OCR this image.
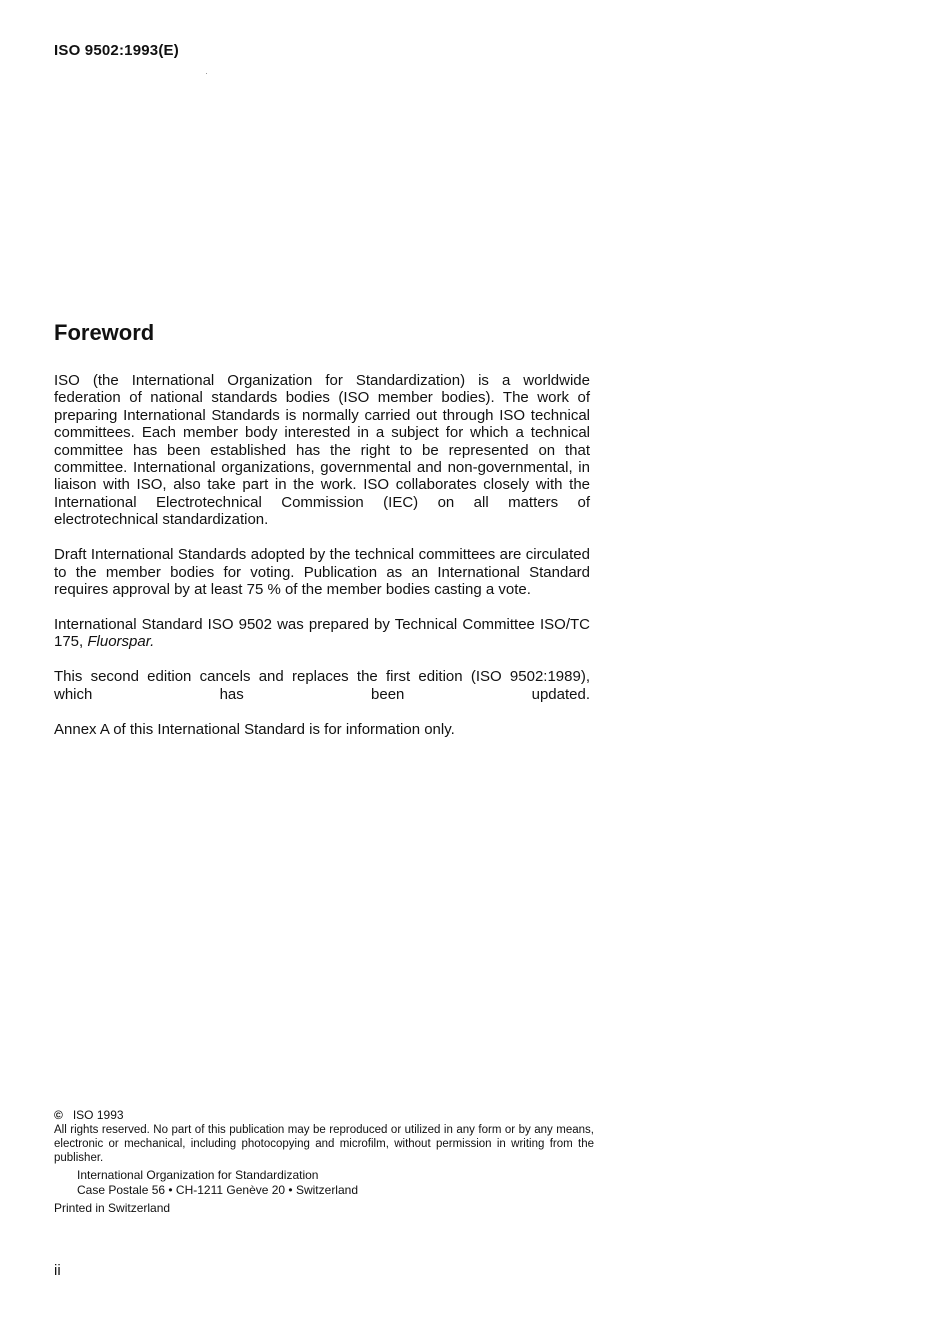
ISO 9502:1993(E)
Foreword

ISO (the International Organization for Standardization) is a worldwide federation of national standards bodies (ISO member bodies). The work of preparing International Standards is normally carried out through ISO technical committees. Each member body interested in a subject for which a technical committee has been established has the right to be represented on that committee. International organizations, governmental and non-governmental, in liaison with ISO, also take part in the work. ISO collaborates closely with the International Electrotechnical Commission (IEC) on all matters of electrotechnical standardization.

Draft International Standards adopted by the technical committees are circulated to the member bodies for voting. Publication as an International Standard requires approval by at least 75 % of the member bodies casting a vote.

International Standard ISO 9502 was prepared by Technical Committee ISO/TC 175, Fluorspar.

This second edition cancels and replaces the first edition (ISO 9502:1989), which has been updated.

Annex A of this International Standard is for information only.

© ISO 1993

All rights reserved. No part of this publication may be reproduced or utilized in any form or by any means, electronic or mechanical, including photocopying and microfilm, without permission in writing from the publisher.

International Organization for Standardization
Case Postale 56 • CH-1211 Genève 20 • Switzerland

Printed in Switzerland

ii
